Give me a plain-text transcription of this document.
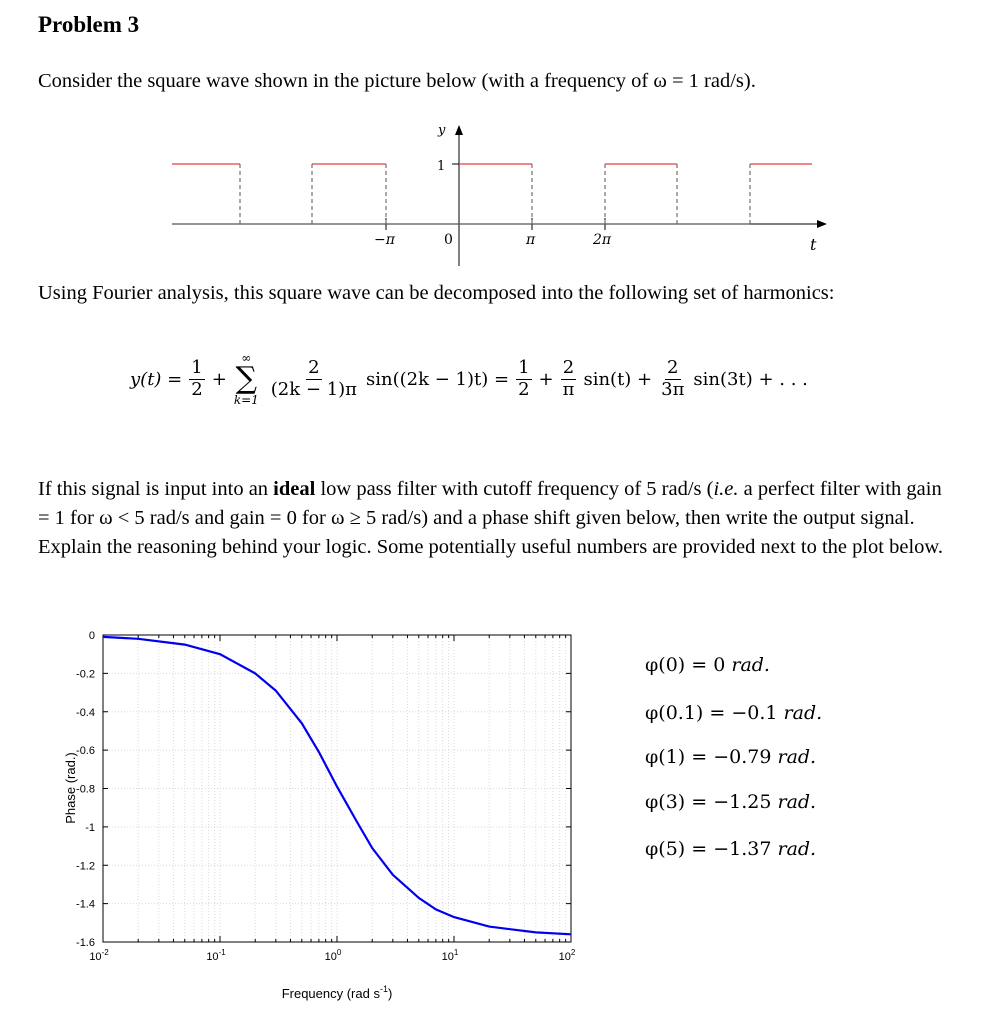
Problem 3
Consider the square wave shown in the picture below (with a frequency of ω = 1 rad/s).
1
y
−π	0	π	2π	t
Using Fourier analysis, this square wave can be decomposed into the following set of harmonics:
$y(t) = \frac{1}{2}$ +
∞
∑
$k=1 \frac{2}{(2k - 1)\pi} \sin((2k - 1)t) = \frac{1}{2} + \frac{2}{\pi} \sin(t) + \frac{2}{3\pi} \sin(3t)$ + . . .
If this signal is input into an ideal low pass filter with cutoff frequency of 5 rad/s (i.e. a perfect filter with gain = 1 for ω < 5 rad/s and gain = 0 for ω ≥ 5 rad/s) and a phase shift given below, then write the output signal. Explain the reasoning behind your logic. Some potentially useful numbers are provided next to the plot below.
0
-0.2
-0.4
-0.6
-0.8
-1
-1.2
-1.4
-1.6
$10^{-2}$	$10^{-1}$	$10^0$	$10^1$	$10^2$
Phase (rad.)
Frequency (rad $s^{-1}$)
φ(0) = 0 rad.
φ(0.1) = −0.1 rad.
φ(1) = −0.79 rad.
φ(3) = −1.25 rad.
φ(5) = −1.37 rad.
